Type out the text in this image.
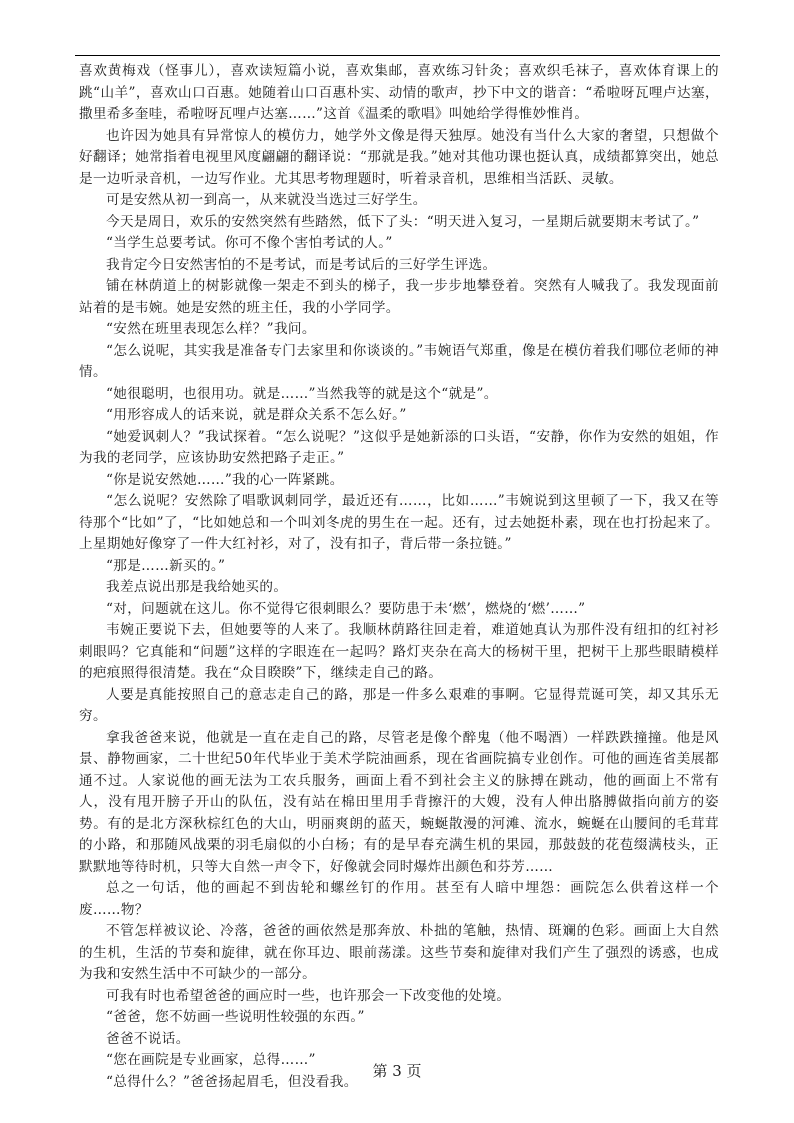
喜欢黄梅戏（怪事儿），喜欢读短篇小说，喜欢集邮，喜欢练习针灸；喜欢织毛袜子，喜欢体育课上的跳“山羊”，喜欢山口百惠。她随着山口百惠朴实、动情的歌声，抄下中文的谐音：“希啦呀瓦哩卢达塞，撒里希多奎哇，希啦呀瓦哩卢达塞……”这首《温柔的歌唱》叫她给学得惟妙惟肖。

也许因为她具有异常惊人的模仿力，她学外文像是得天独厚。她没有当什么大家的奢望，只想做个好翻译；她常指着电视里风度翩翩的翻译说：“那就是我。”她对其他功课也挺认真，成绩都算突出，她总是一边听录音机，一边写作业。尤其思考物理题时，听着录音机，思维相当活跃、灵敏。

可是安然从初一到高一，从来就没当选过三好学生。

今天是周日，欢乐的安然突然有些踏然，低下了头：“明天进入复习，一星期后就要期末考试了。”

“当学生总要考试。你可不像个害怕考试的人。”

我肯定今日安然害怕的不是考试，而是考试后的三好学生评选。

铺在林荫道上的树影就像一架走不到头的梯子，我一步步地攀登着。突然有人喊我了。我发现面前站着的是韦婉。她是安然的班主任，我的小学同学。

“安然在班里表现怎么样？”我问。

“怎么说呢，其实我是准备专门去家里和你谈谈的。”韦婉语气郑重，像是在模仿着我们哪位老师的神情。

“她很聪明，也很用功。就是……”当然我等的就是这个“就是”。

“用形容成人的话来说，就是群众关系不怎么好。”

“她爱讽刺人？”我试探着。“怎么说呢？”这似乎是她新添的口头语，“安静，你作为安然的姐姐，作为我的老同学，应该协助安然把路子走正。”

“你是说安然她……”我的心一阵紧跳。

“怎么说呢？安然除了唱歌讽刺同学，最近还有……，比如……”韦婉说到这里顿了一下，我又在等待那个“比如”了，“比如她总和一个叫刘冬虎的男生在一起。还有，过去她挺朴素，现在也打扮起来了。上星期她好像穿了一件大红衬衫，对了，没有扣子，背后带一条拉链。”

“那是……新买的。”

我差点说出那是我给她买的。

“对，问题就在这儿。你不觉得它很刺眼么？要防患于未‘燃’，燃烧的‘燃’……”

韦婉正要说下去，但她要等的人来了。我顺林荫路往回走着，难道她真认为那件没有纽扣的红衬衫刺眼吗？它真能和“问题”这样的字眼连在一起吗？路灯夹杂在高大的杨树干里，把树干上那些眼睛模样的疤痕照得很清楚。我在“众目睽睽”下，继续走自己的路。

人要是真能按照自己的意志走自己的路，那是一件多么艰难的事啊。它显得荒诞可笑，却又其乐无穷。

拿我爸爸来说，他就是一直在走自己的路，尽管老是像个醉鬼（他不喝酒）一样跌跌撞撞。他是风景、静物画家，二十世纪50年代毕业于美术学院油画系，现在省画院搞专业创作。可他的画连省美展都通不过。人家说他的画无法为工农兵服务，画面上看不到社会主义的脉搏在跳动，他的画面上不常有人，没有甩开膀子开山的队伍，没有站在棉田里用手背擦汗的大嫂，没有人伸出胳膊做指向前方的姿势。有的是北方深秋棕红色的大山，明丽爽朗的蓝天，蜿蜒散漫的河滩、流水，蜿蜒在山腰间的毛茸茸的小路，和那随风战栗的羽毛扇似的小白杨；有的是早春充满生机的果园，那鼓鼓的花苞缀满枝头，正默默地等待时机，只等大自然一声令下，好像就会同时爆炸出颜色和芬芳……

总之一句话，他的画起不到齿轮和螺丝钉的作用。甚至有人暗中埋怨：画院怎么供着这样一个废……物？

不管怎样被议论、冷落，爸爸的画依然是那奔放、朴拙的笔触，热情、斑斓的色彩。画面上大自然的生机，生活的节奏和旋律，就在你耳边、眼前荡漾。这些节奏和旋律对我们产生了强烈的诱惑，也成为我和安然生活中不可缺少的一部分。

可我有时也希望爸爸的画应时一些，也许那会一下改变他的处境。

“爸爸，您不妨画一些说明性较强的东西。”

爸爸不说话。

“您在画院是专业画家，总得……”

“总得什么？”爸爸扬起眉毛，但没看我。

第 3 页
